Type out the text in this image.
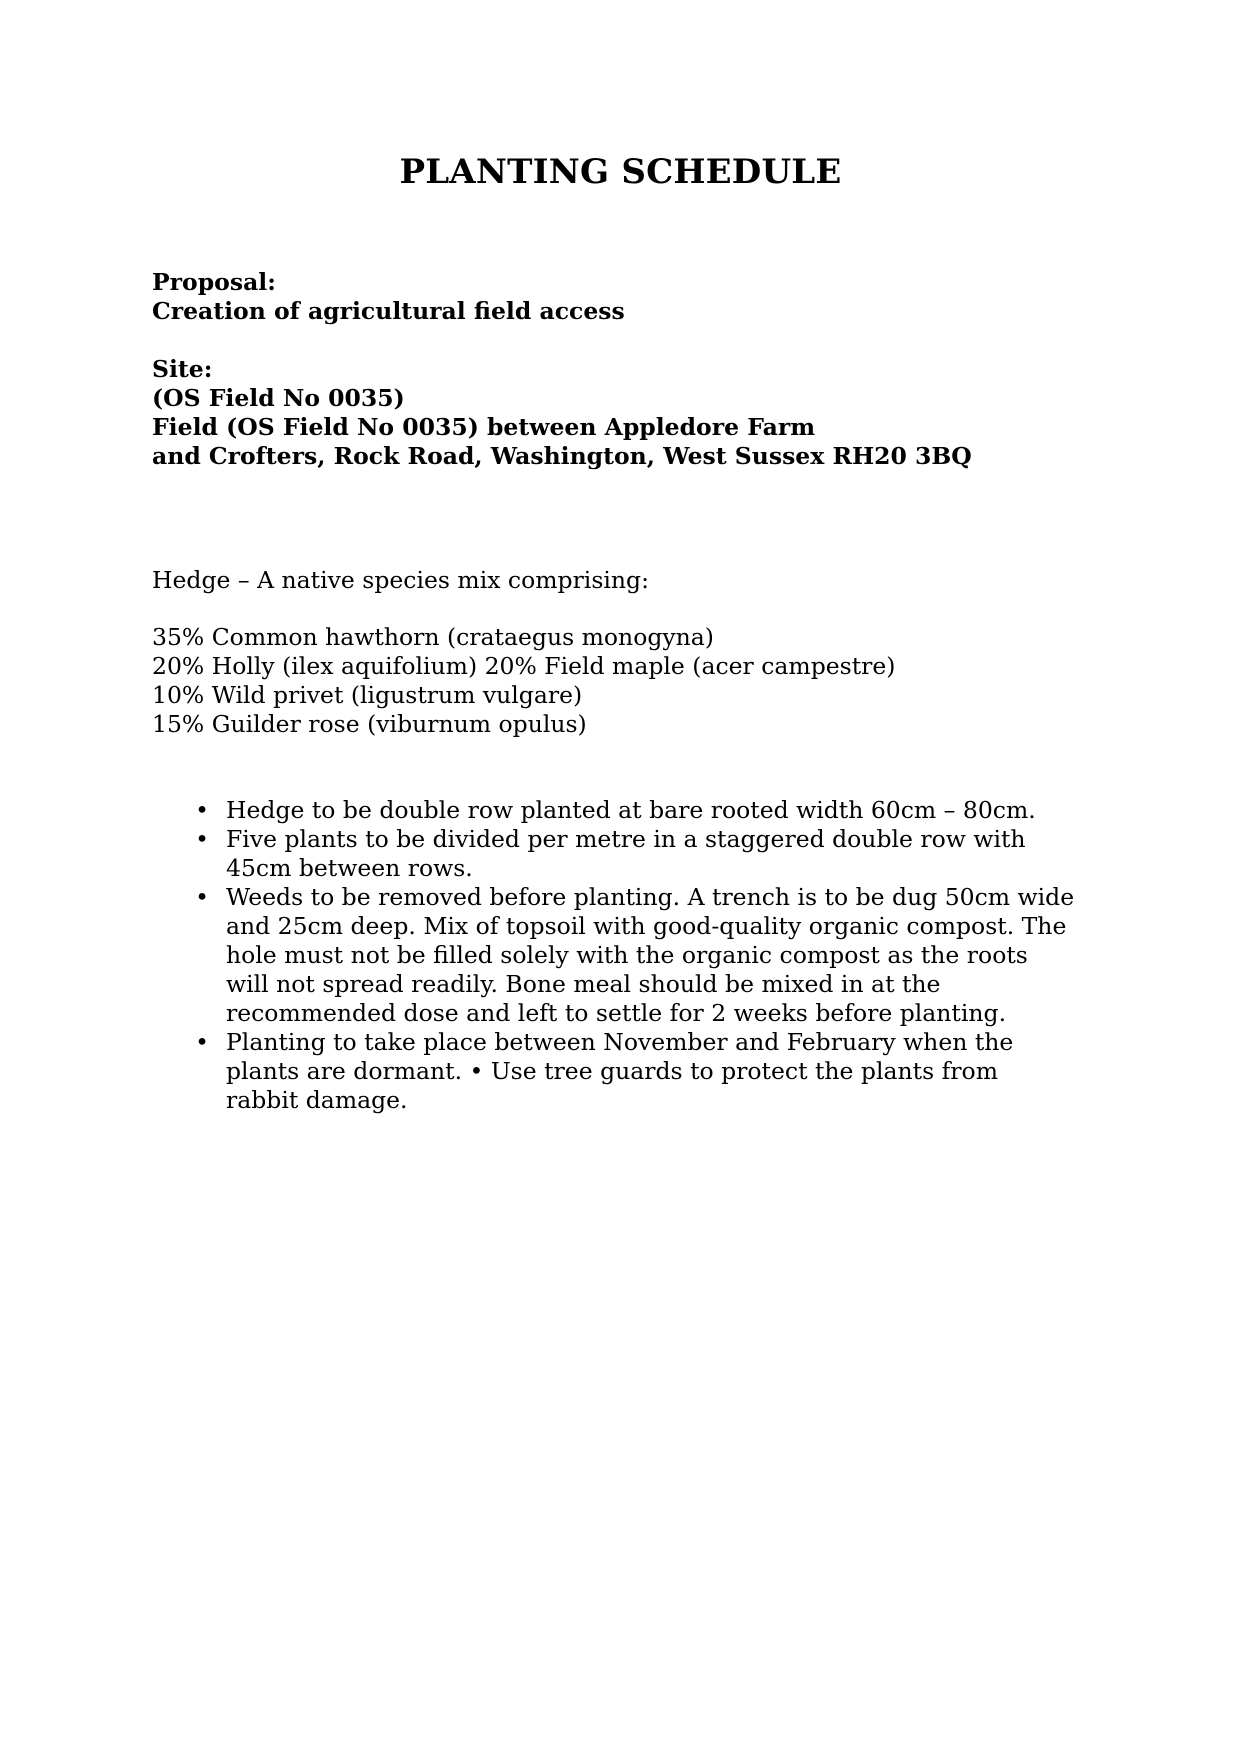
PLANTING SCHEDULE
Proposal:
Creation of agricultural field access
Site:
(OS Field No 0035)
Field (OS Field No 0035) between Appledore Farm
and Crofters, Rock Road, Washington, West Sussex RH20 3BQ
Hedge – A native species mix comprising:
35% Common hawthorn (crataegus monogyna)
20% Holly (ilex aquifolium) 20% Field maple (acer campestre)
10% Wild privet (ligustrum vulgare)
15% Guilder rose (viburnum opulus)
• Hedge to be double row planted at bare rooted width 60cm – 80cm.
• Five plants to be divided per metre in a staggered double row with
45cm between rows.
• Weeds to be removed before planting. A trench is to be dug 50cm wide
and 25cm deep. Mix of topsoil with good-quality organic compost. The
hole must not be filled solely with the organic compost as the roots
will not spread readily. Bone meal should be mixed in at the
recommended dose and left to settle for 2 weeks before planting.
• Planting to take place between November and February when the
plants are dormant. • Use tree guards to protect the plants from
rabbit damage.
